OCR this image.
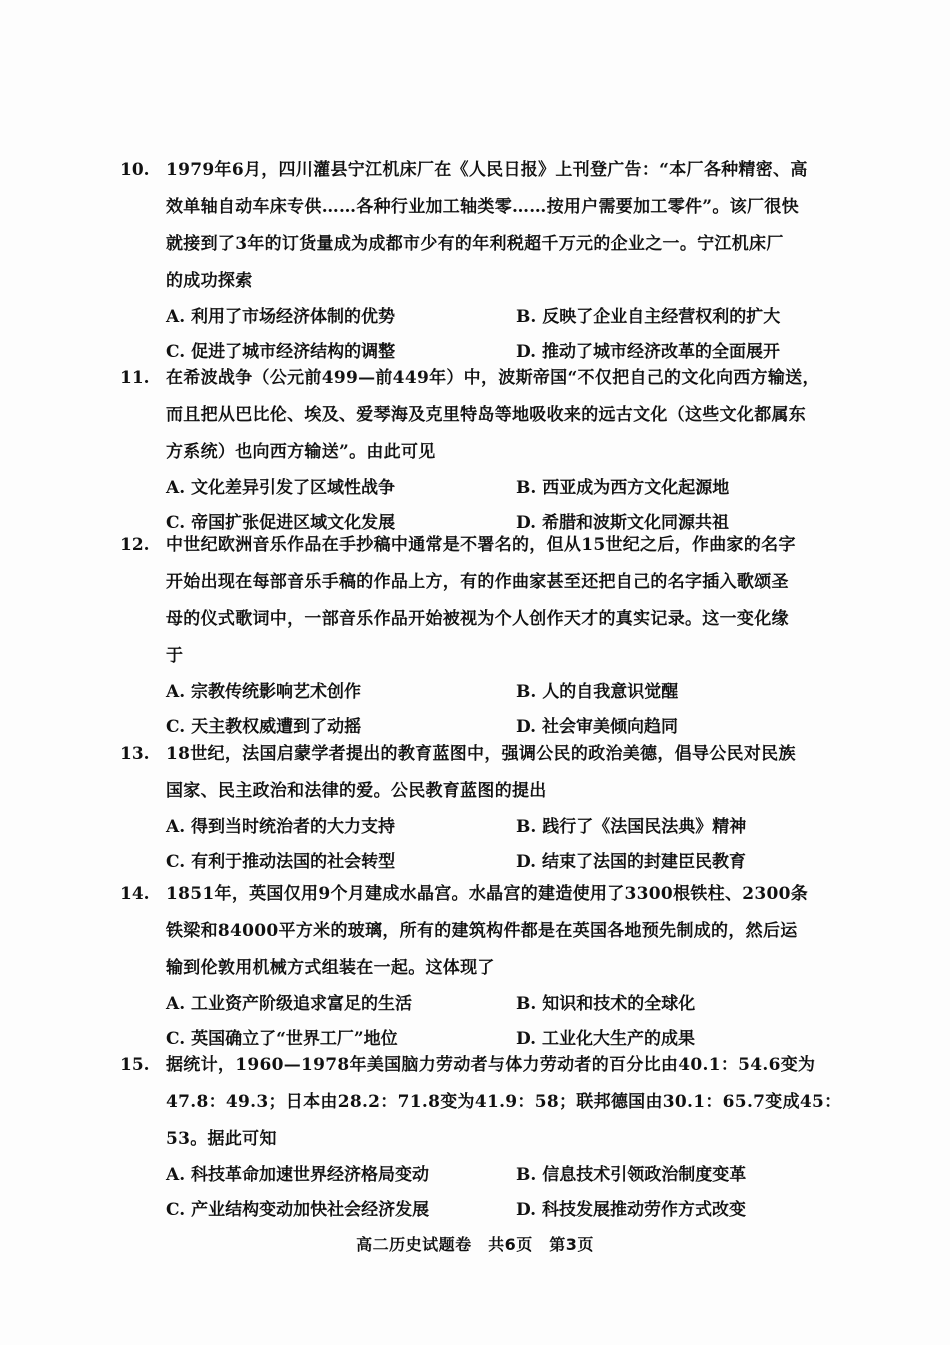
10. 1979年6月，四川灌县宁江机床厂在《人民日报》上刊登广告：“本厂各种精密、高
效单轴自动车床专供……各种行业加工轴类零……按用户需要加工零件”。该厂很快
就接到了3年的订货量成为成都市少有的年利税超千万元的企业之一。宁江机床厂
的成功探索
A. 利用了市场经济体制的优势	B. 反映了企业自主经营权利的扩大
C. 促进了城市经济结构的调整	D. 推动了城市经济改革的全面展开
11. 在希波战争（公元前499—前449年）中，波斯帝国“不仅把自己的文化向西方输送，
而且把从巴比伦、埃及、爱琴海及克里特岛等地吸收来的远古文化（这些文化都属东
方系统）也向西方输送”。由此可见
A. 文化差异引发了区域性战争	B. 西亚成为西方文化起源地
C. 帝国扩张促进区域文化发展	D. 希腊和波斯文化同源共祖
12. 中世纪欧洲音乐作品在手抄稿中通常是不署名的，但从15世纪之后，作曲家的名字
开始出现在每部音乐手稿的作品上方，有的作曲家甚至还把自己的名字插入歌颂圣
母的仪式歌词中，一部音乐作品开始被视为个人创作天才的真实记录。这一变化缘
于
A. 宗教传统影响艺术创作	B. 人的自我意识觉醒
C. 天主教权威遭到了动摇	D. 社会审美倾向趋同
13. 18世纪，法国启蒙学者提出的教育蓝图中，强调公民的政治美德，倡导公民对民族
国家、民主政治和法律的爱。公民教育蓝图的提出
A. 得到当时统治者的大力支持	B. 践行了《法国民法典》精神
C. 有利于推动法国的社会转型	D. 结束了法国的封建臣民教育
14. 1851年，英国仅用9个月建成水晶宫。水晶宫的建造使用了3300根铁柱、2300条
铁梁和84000平方米的玻璃，所有的建筑构件都是在英国各地预先制成的，然后运
输到伦敦用机械方式组装在一起。这体现了
A. 工业资产阶级追求富足的生活	B. 知识和技术的全球化
C. 英国确立了“世界工厂”地位	D. 工业化大生产的成果
15. 据统计，1960—1978年美国脑力劳动者与体力劳动者的百分比由40.1：54.6变为
47.8：49.3；日本由28.2：71.8变为41.9：58；联邦德国由30.1：65.7变成45：
53。据此可知
A. 科技革命加速世界经济格局变动	B. 信息技术引领政治制度变革
C. 产业结构变动加快社会经济发展	D. 科技发展推动劳作方式改变
高二历史试题卷　共6页　第3页
